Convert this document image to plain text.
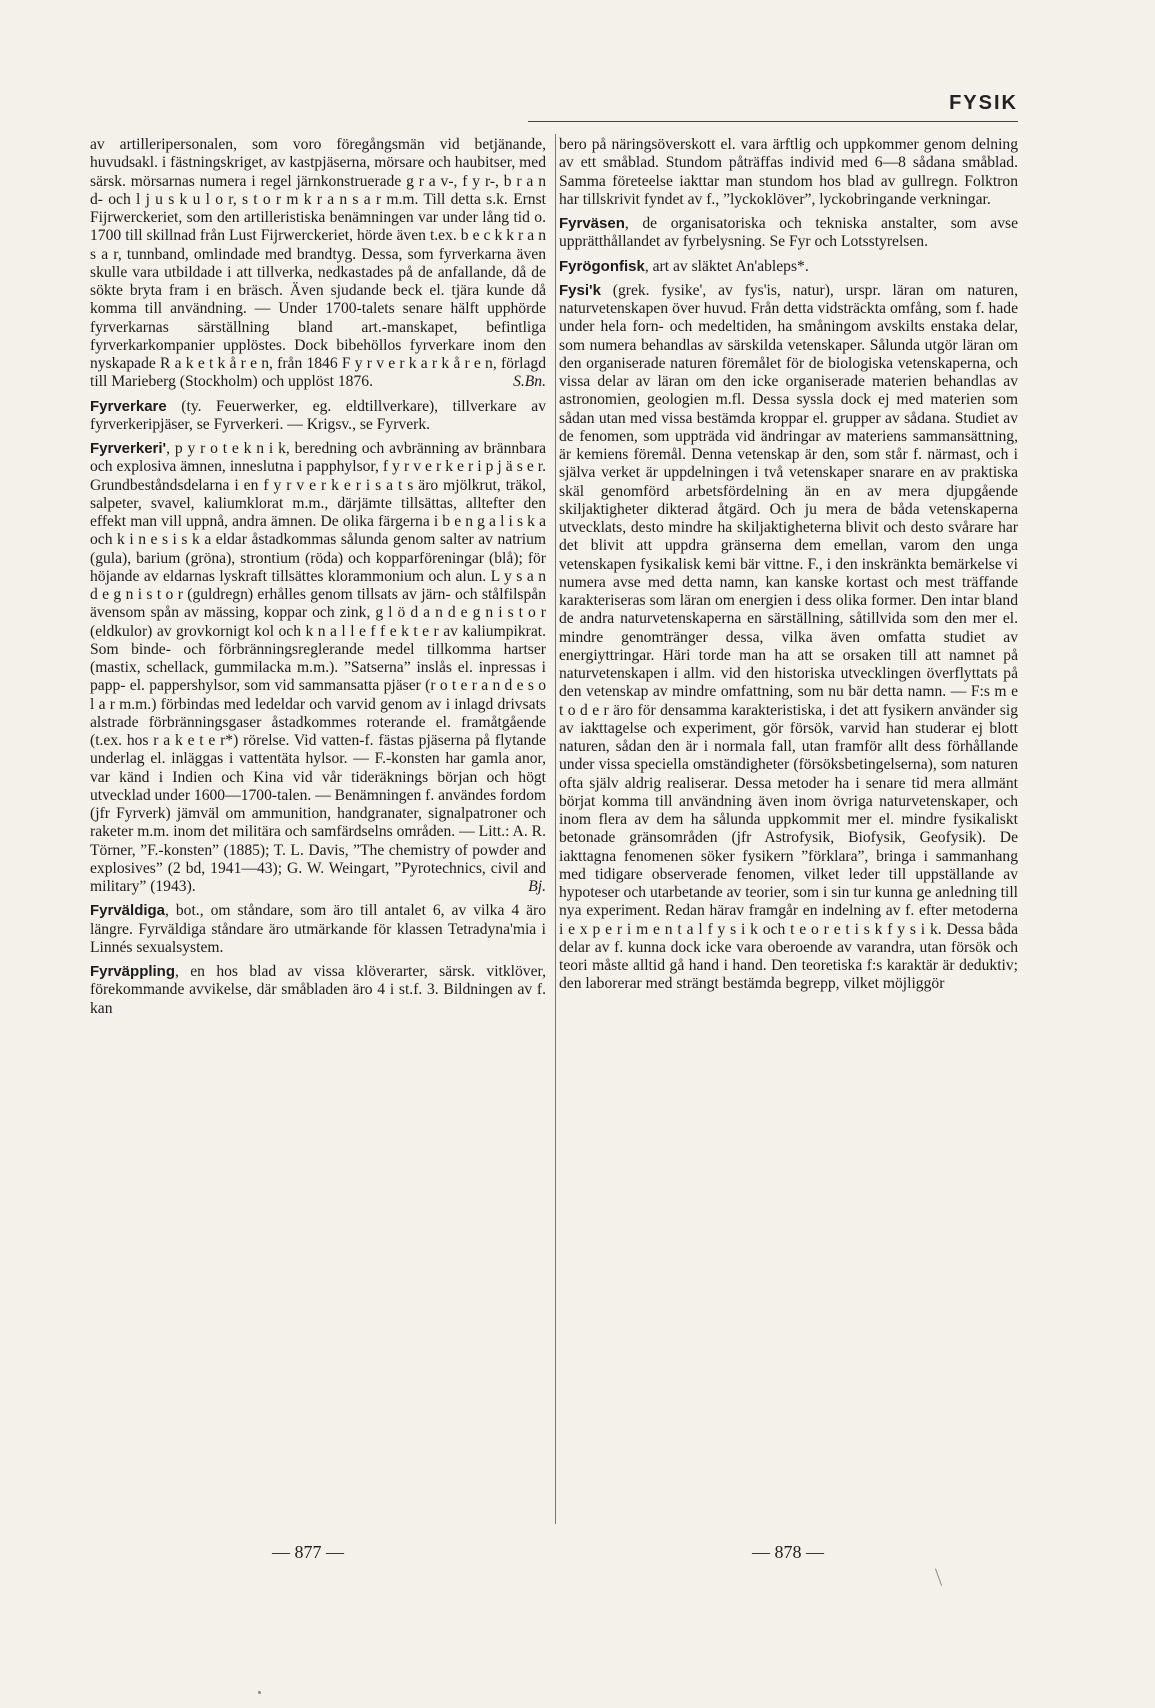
FYSIK

av artilleripersonalen, som voro föregångsmän vid betjänande, huvudsakl. i fästningskriget, av kastpjäserna, mörsare och haubitser, med särsk. mörsarnas numera i regel järnkonstruerade g r a v-, f y r-, b r a n d- och l j u s k u l o r, s t o r m k r a n s a r m.m. Till detta s.k. Ernst Fijrwerckeriet, som den artilleristiska benämningen var under lång tid o. 1700 till skillnad från Lust Fijrwerckeriet, hörde även t.ex. b e c k k r a n s a r, tunnband, omlindade med brandtyg. Dessa, som fyrverkarna även skulle vara utbildade i att tillverka, nedkastades på de anfallande, då de sökte bryta fram i en bräsch. Även sjudande beck el. tjära kunde då komma till användning. — Under 1700-talets senare hälft upphörde fyrverkarnas särställning bland art.-manskapet, befintliga fyrverkarkompanier upplöstes. Dock bibehöllos fyrverkare inom den nyskapade R a k e t k å r e n, från 1846 F y r v e r k a r k å r e n, förlagd till Marieberg (Stockholm) och upplöst 1876.	S.Bn.

Fyrverkare (ty. Feuerwerker, eg. eldtillverkare), tillverkare av fyrverkeripjäser, se Fyrverkeri. — Krigsv., se Fyrverk.

Fyrverkeri', p y r o t e k n i k, beredning och avbränning av brännbara och explosiva ämnen, inneslutna i papphylsor, f y r v e r k e r i p j ä s e r. Grundbeståndsdelarna i en f y r v e r k e r i s a t s äro mjölkrut, träkol, salpeter, svavel, kaliumklorat m.m., därjämte tillsättas, alltefter den effekt man vill uppnå, andra ämnen. De olika färgerna i b e n g a l i s k a och k i n e s i s k a eldar åstadkommas sålunda genom salter av natrium (gula), barium (gröna), strontium (röda) och kopparföreningar (blå); för höjande av eldarnas lyskraft tillsättes klorammonium och alun. L y s a n d e g n i s t o r (guldregn) erhålles genom tillsats av järn- och stålfilspån ävensom spån av mässing, koppar och zink, g l ö d a n d e g n i s t o r (eldkulor) av grovkornigt kol och k n a l l e f f e k t e r av kaliumpikrat. Som binde- och förbränningsreglerande medel tillkomma hartser (mastix, schellack, gummilacka m.m.). ”Satserna” inslås el. inpressas i papp- el. pappershylsor, som vid sammansatta pjäser (r o t e r a n d e s o l a r m.m.) förbindas med ledeldar och varvid genom av i inlagd drivsats alstrade förbränningsgaser åstadkommes roterande el. framåtgående (t.ex. hos r a k e t e r*) rörelse. Vid vatten-f. fästas pjäserna på flytande underlag el. inläggas i vattentäta hylsor. — F.-konsten har gamla anor, var känd i Indien och Kina vid vår tideräknings början och högt utvecklad under 1600—1700-talen. — Benämningen f. användes fordom (jfr Fyrverk) jämväl om ammunition, handgranater, signalpatroner och raketer m.m. inom det militära och samfärdselns områden. — Litt.: A. R. Törner, ”F.-konsten” (1885); T. L. Davis, ”The chemistry of powder and explosives” (2 bd, 1941—43); G. W. Weingart, ”Pyrotechnics, civil and military” (1943).	Bj.

Fyrväldiga, bot., om ståndare, som äro till antalet 6, av vilka 4 äro längre. Fyrväldiga ståndare äro utmärkande för klassen Tetradyna'mia i Linnés sexualsystem.

Fyrväppling, en hos blad av vissa klöverarter, särsk. vitklöver, förekommande avvikelse, där småbladen äro 4 i st.f. 3. Bildningen av f. kan

bero på näringsöverskott el. vara ärftlig och uppkommer genom delning av ett småblad. Stundom påträffas individ med 6—8 sådana småblad. Samma företeelse iakttar man stundom hos blad av gullregn. Folktron har tillskrivit fyndet av f., ”lyckoklöver”, lyckobringande verkningar.

Fyrväsen, de organisatoriska och tekniska anstalter, som avse upprätthållandet av fyrbelysning. Se Fyr och Lotsstyrelsen.

Fyrögonfisk, art av släktet An'ableps*.

Fysi'k (grek. fysike', av fys'is, natur), urspr. läran om naturen, naturvetenskapen över huvud. Från detta vidsträckta omfång, som f. hade under hela forn- och medeltiden, ha småningom avskilts enstaka delar, som numera behandlas av särskilda vetenskaper. Sålunda utgör läran om den organiserade naturen föremålet för de biologiska vetenskaperna, och vissa delar av läran om den icke organiserade materien behandlas av astronomien, geologien m.fl. Dessa syssla dock ej med materien som sådan utan med vissa bestämda kroppar el. grupper av sådana. Studiet av de fenomen, som uppträda vid ändringar av materiens sammansättning, är kemiens föremål. Denna vetenskap är den, som står f. närmast, och i själva verket är uppdelningen i två vetenskaper snarare en av praktiska skäl genomförd arbetsfördelning än en av mera djupgående skiljaktigheter dikterad åtgärd. Och ju mera de båda vetenskaperna utvecklats, desto mindre ha skiljaktigheterna blivit och desto svårare har det blivit att uppdra gränserna dem emellan, varom den unga vetenskapen fysikalisk kemi bär vittne. F., i den inskränkta bemärkelse vi numera avse med detta namn, kan kanske kortast och mest träffande karakteriseras som läran om energien i dess olika former. Den intar bland de andra naturvetenskaperna en särställning, såtillvida som den mer el. mindre genomtränger dessa, vilka även omfatta studiet av energiyttringar. Häri torde man ha att se orsaken till att namnet på naturvetenskapen i allm. vid den historiska utvecklingen överflyttats på den vetenskap av mindre omfattning, som nu bär detta namn. — F:s m e t o d e r äro för densamma karakteristiska, i det att fysikern använder sig av iakttagelse och experiment, gör försök, varvid han studerar ej blott naturen, sådan den är i normala fall, utan framför allt dess förhållande under vissa speciella omständigheter (försöksbetingelserna), som naturen ofta själv aldrig realiserar. Dessa metoder ha i senare tid mera allmänt börjat komma till användning även inom övriga naturvetenskaper, och inom flera av dem ha sålunda uppkommit mer el. mindre fysikaliskt betonade gränsområden (jfr Astrofysik, Biofysik, Geofysik). De iakttagna fenomenen söker fysikern ”förklara”, bringa i sammanhang med tidigare observerade fenomen, vilket leder till uppställande av hypoteser och utarbetande av teorier, som i sin tur kunna ge anledning till nya experiment. Redan härav framgår en indelning av f. efter metoderna i e x p e r i m e n t a l f y s i k och t e o r e t i s k f y s i k. Dessa båda delar av f. kunna dock icke vara oberoende av varandra, utan försök och teori måste alltid gå hand i hand. Den teoretiska f:s karaktär är deduktiv; den laborerar med strängt bestämda begrepp, vilket möjliggör

— 877 —	— 878 —
